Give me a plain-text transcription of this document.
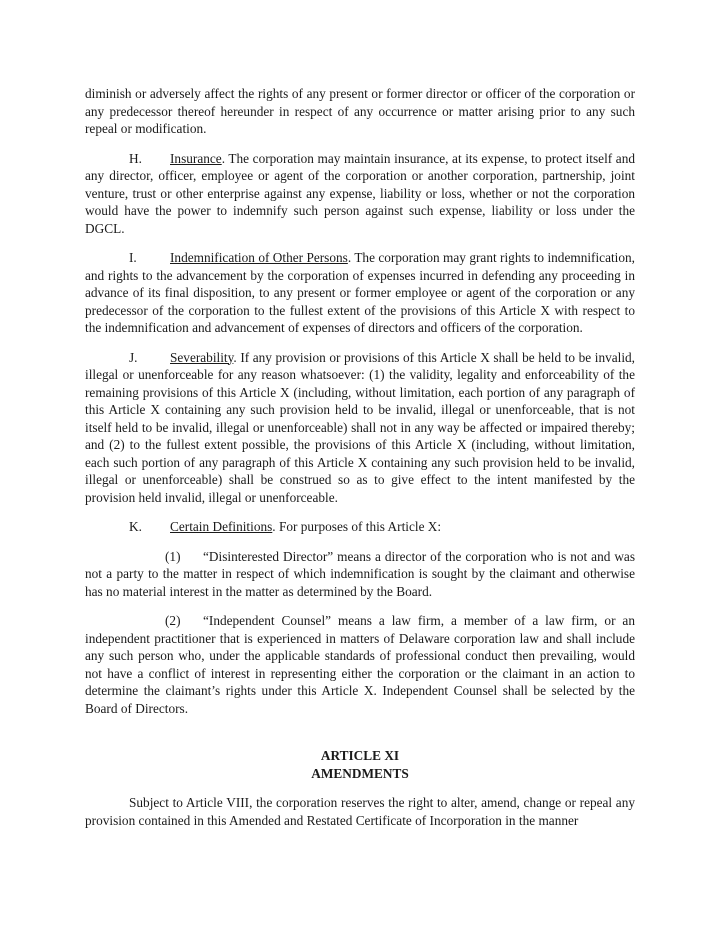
diminish or adversely affect the rights of any present or former director or officer of the corporation or any predecessor thereof hereunder in respect of any occurrence or matter arising prior to any such repeal or modification.

H. Insurance. The corporation may maintain insurance, at its expense, to protect itself and any director, officer, employee or agent of the corporation or another corporation, partnership, joint venture, trust or other enterprise against any expense, liability or loss, whether or not the corporation would have the power to indemnify such person against such expense, liability or loss under the DGCL.

I. Indemnification of Other Persons. The corporation may grant rights to indemnification, and rights to the advancement by the corporation of expenses incurred in defending any proceeding in advance of its final disposition, to any present or former employee or agent of the corporation or any predecessor of the corporation to the fullest extent of the provisions of this Article X with respect to the indemnification and advancement of expenses of directors and officers of the corporation.

J. Severability. If any provision or provisions of this Article X shall be held to be invalid, illegal or unenforceable for any reason whatsoever: (1) the validity, legality and enforceability of the remaining provisions of this Article X (including, without limitation, each portion of any paragraph of this Article X containing any such provision held to be invalid, illegal or unenforceable, that is not itself held to be invalid, illegal or unenforceable) shall not in any way be affected or impaired thereby; and (2) to the fullest extent possible, the provisions of this Article X (including, without limitation, each such portion of any paragraph of this Article X containing any such provision held to be invalid, illegal or unenforceable) shall be construed so as to give effect to the intent manifested by the provision held invalid, illegal or unenforceable.

K. Certain Definitions. For purposes of this Article X:

(1) “Disinterested Director” means a director of the corporation who is not and was not a party to the matter in respect of which indemnification is sought by the claimant and otherwise has no material interest in the matter as determined by the Board.

(2) “Independent Counsel” means a law firm, a member of a law firm, or an independent practitioner that is experienced in matters of Delaware corporation law and shall include any such person who, under the applicable standards of professional conduct then prevailing, would not have a conflict of interest in representing either the corporation or the claimant in an action to determine the claimant’s rights under this Article X. Independent Counsel shall be selected by the Board of Directors.

ARTICLE XI
AMENDMENTS

Subject to Article VIII, the corporation reserves the right to alter, amend, change or repeal any provision contained in this Amended and Restated Certificate of Incorporation in the manner
